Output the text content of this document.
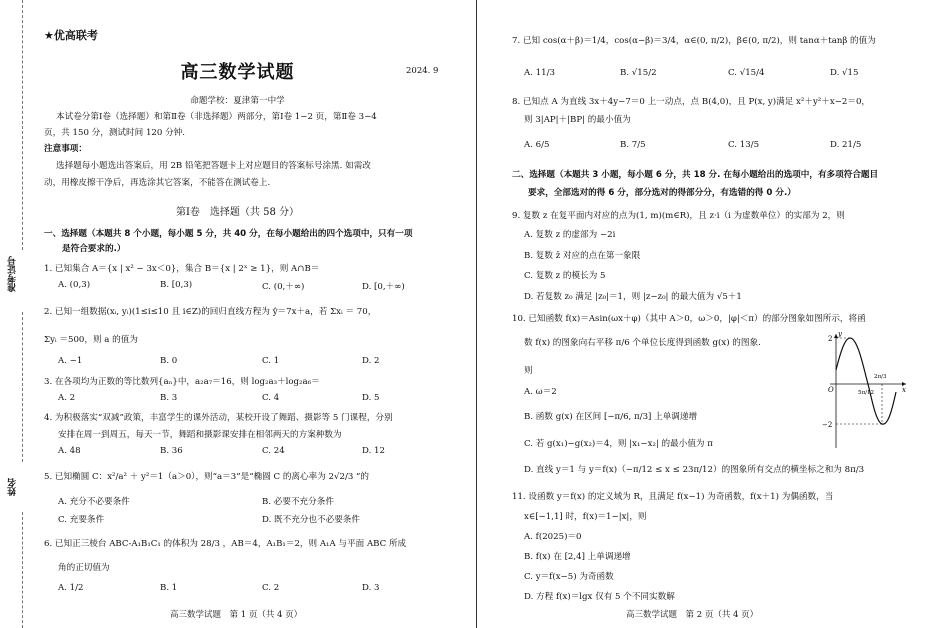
准考证号
姓名
★优高联考
高三数学试题	2024. 9
命题学校：夏津第一中学
本试卷分第Ⅰ卷（选择题）和第Ⅱ卷（非选择题）两部分，第Ⅰ卷 1−2 页，第Ⅱ卷 3−4
页，共 150 分，测试时间 120 分钟.
注意事项：
选择题每小题选出答案后，用 2B 铅笔把答题卡上对应题目的答案标号涂黑. 如需改
动，用橡皮擦干净后，再选涂其它答案，不能答在测试卷上.
第Ⅰ卷　选择题（共 58 分）
一、选择题（本题共 8 个小题，每小题 5 分，共 40 分，在每小题给出的四个选项中，只有一项
是符合要求的.）
1. 已知集合 A＝{x | x² − 3x＜0}，集合 B＝{x | 2ˣ ≥ 1}，则 A∩B＝
A. (0,3)	B. [0,3)	C. (0,＋∞)	D. [0,＋∞)
2. 已知一组数据(xᵢ, yᵢ)(1≤i≤10 且 i∈Z)的回归直线方程为 ŷ＝7x＋a，若 Σxᵢ ＝ 70，
Σyᵢ ＝500，则 a 的值为
A. −1	B. 0	C. 1	D. 2
3. 在各项均为正数的等比数列{aₙ}中，a₂a₇＝16，则 log₂a₃＋log₂a₆＝
A. 2	B. 3	C. 4	D. 5
4. 为积极落实“双减”政策，丰富学生的课外活动，某校开设了舞蹈、摄影等 5 门课程，分别
安排在周一到周五，每天一节，舞蹈和摄影课安排在相邻两天的方案种数为
A. 48	B. 36	C. 24	D. 12
5. 已知椭圆 C：x²/a² ＋ y²＝1（a＞0），则“a＝3”是“椭圆 C 的离心率为 2√2/3 ”的
A. 充分不必要条件	B. 必要不充分条件
C. 充要条件	D. 既不充分也不必要条件
6. 已知正三棱台 ABC-A₁B₁C₁ 的体积为 28/3 ，AB＝4，A₁B₁＝2，则 A₁A 与平面 ABC 所成
角的正切值为
A. 1/2	B. 1	C. 2	D. 3
高三数学试题　第 1 页（共 4 页）
7. 已知 cos(α＋β)＝1/4，cos(α−β)＝3/4，α∈(0, π/2)，β∈(0, π/2)，则 tanα＋tanβ 的值为
A. 11/3	B. √15/2	C. √15/4	D. √15
8. 已知点 A 为直线 3x＋4y−7＝0 上一动点，点 B(4,0)，且 P(x, y)满足 x²＋y²＋x−2＝0，
则 3|AP|＋|BP| 的最小值为
A. 6/5	B. 7/5	C. 13/5	D. 21/5
二、选择题（本题共 3 小题，每小题 6 分，共 18 分. 在每小题给出的选项中，有多项符合题目
要求，全部选对的得 6 分，部分选对的得部分分，有选错的得 0 分.）
9. 复数 z 在复平面内对应的点为(1, m)(m∈R)，且 z·i（i 为虚数单位）的实部为 2，则
A. 复数 z 的虚部为 −2i
B. 复数 z̄ 对应的点在第一象限
C. 复数 z 的模长为 5
D. 若复数 z₀ 满足 |z₀|＝1，则 |z−z₀| 的最大值为 √5＋1
10. 已知函数 f(x)＝Asin(ωx＋φ)（其中 A＞0，ω＞0，|φ|＜π）的部分图象如图所示，将函
数 f(x) 的图象向右平移 π/6 个单位长度得到函数 g(x) 的图象.
则
A. ω＝2
B. 函数 g(x) 在区间 [−π/6, π/3] 上单调递增
C. 若 g(x₁)−g(x₂)＝4，则 |x₁−x₂| 的最小值为 π
D. 直线 y＝1 与 y＝f(x)（−π/12 ≤ x ≤ 23π/12）的图象所有交点的横坐标之和为 8π/3
y
2
−2
O	x
5π/12
2π/3
11. 设函数 y＝f(x) 的定义域为 R，且满足 f(x−1) 为奇函数，f(x＋1) 为偶函数，当
x∈[−1,1] 时，f(x)＝1−|x|，则
A. f(2025)＝0
B. f(x) 在 [2,4] 上单调递增
C. y＝f(x−5) 为奇函数
D. 方程 f(x)＝lgx 仅有 5 个不同实数解
高三数学试题　第 2 页（共 4 页）
